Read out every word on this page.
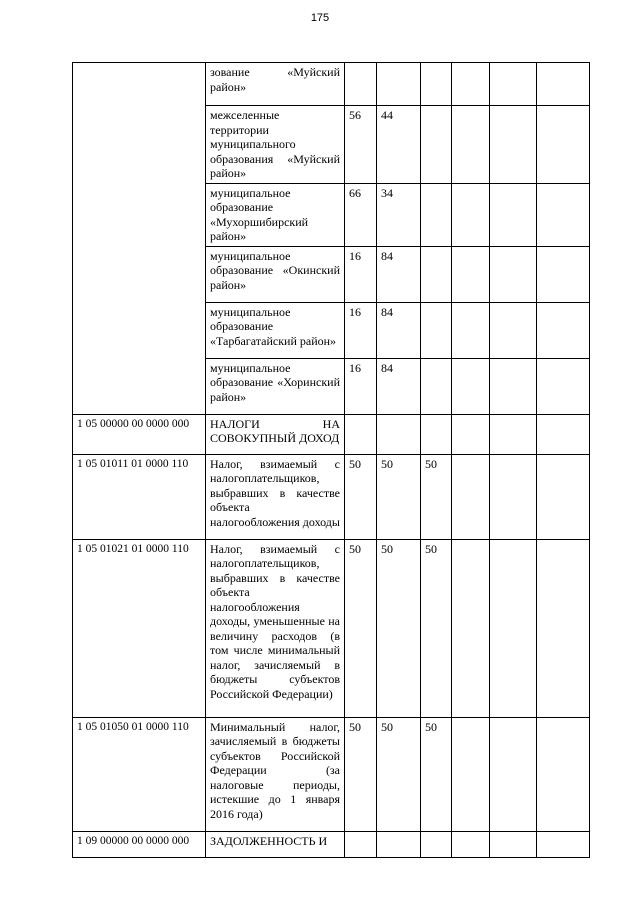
175
	зование «Муйский район»						
	межселенные территории муниципального образования «Муйский район»	56	44				
	муниципальное образование «Мухоршибирский район»	66	34				
	муниципальное образование «Окинский район»	16	84				
	муниципальное образование «Тарбагатайский район»	16	84				
	муниципальное образование «Хоринский район»	16	84				
1 05 00000 00 0000 000	НАЛОГИ НА СОВОКУПНЫЙ ДОХОД						
1 05 01011 01 0000 110	Налог, взимаемый с налогоплательщиков, выбравших в качестве объекта налогообложения доходы	50	50	50			
1 05 01021 01 0000 110	Налог, взимаемый с налогоплательщиков, выбравших в качестве объекта налогообложения доходы, уменьшенные на величину расходов (в том числе минимальный налог, зачисляемый в бюджеты субъектов Российской Федерации)	50	50	50			
1 05 01050 01 0000 110	Минимальный налог, зачисляемый в бюджеты субъектов Российской Федерации (за налоговые периоды, истекшие до 1 января 2016 года)	50	50	50			
1 09 00000 00 0000 000	ЗАДОЛЖЕННОСТЬ И						
